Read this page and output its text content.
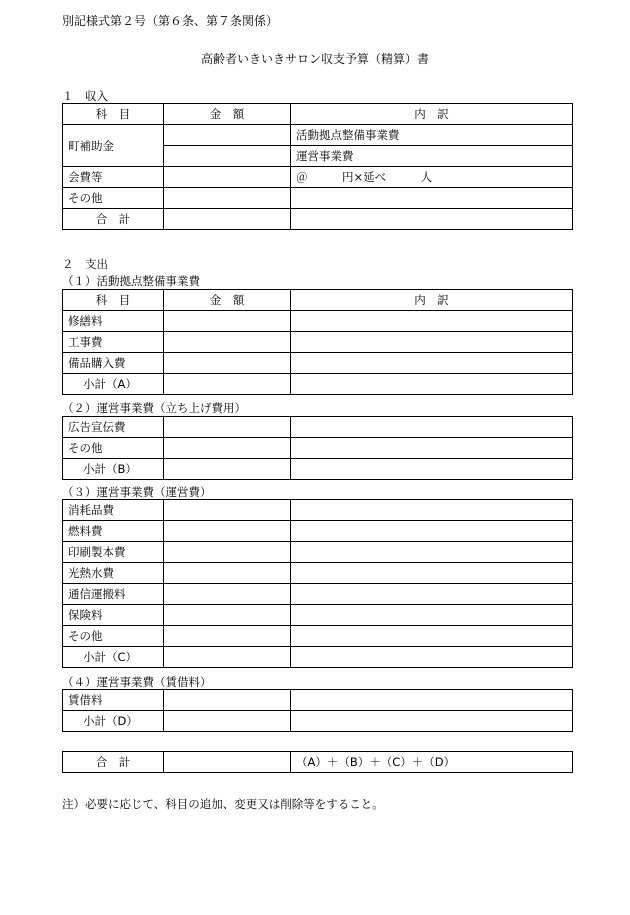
別記様式第２号（第６条、第７条関係）
高齢者いきいきサロン収支予算（精算）書
１　収入
科　目	金　額	内　訳
町補助金		活動拠点整備事業費
		運営事業費
会費等		＠　　　円×延べ　　　人
その他		
合　計		
２　支出
（１）活動拠点整備事業費
科　目	金　額	内　訳
修繕料		
工事費		
備品購入費		
小計（A）		
（２）運営事業費（立ち上げ費用）
広告宣伝費		
その他		
小計（B）		
（３）運営事業費（運営費）
消耗品費		
燃料費		
印刷製本費		
光熱水費		
通信運搬料		
保険料		
その他		
小計（C）		
（４）運営事業費（賃借料）
賃借料		
小計（D）		
合　計		（A）＋（B）＋（C）＋（D）
注）必要に応じて、科目の追加、変更又は削除等をすること。
